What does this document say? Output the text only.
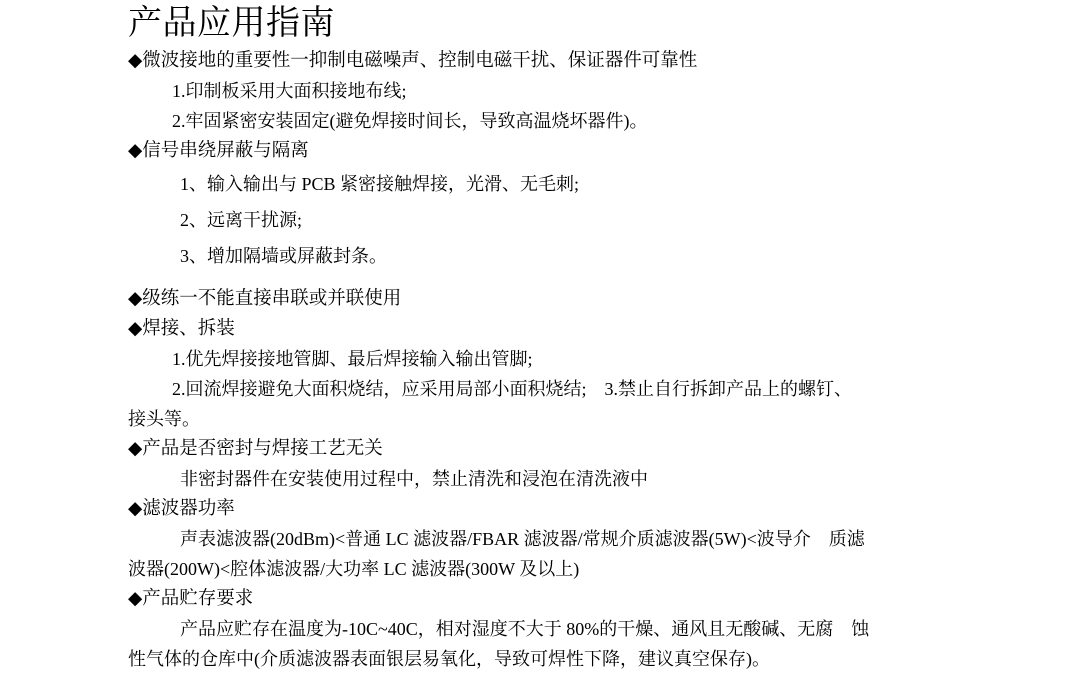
产品应用指南

◆微波接地的重要性一抑制电磁噪声、控制电磁干扰、保证器件可靠性

1.印制板采用大面积接地布线;

2.牢固紧密安装固定(避免焊接时间长，导致高温烧坏器件)。

◆信号串绕屏蔽与隔离

1、输入输出与 PCB 紧密接触焊接，光滑、无毛刺;

2、远离干扰源;

3、增加隔墙或屏蔽封条。

◆级练一不能直接串联或并联使用

◆焊接、拆装

1.优先焊接接地管脚、最后焊接输入输出管脚;

2.回流焊接避免大面积烧结，应采用局部小面积烧结;　3.禁止自行拆卸产品上的螺钉、

接头等。

◆产品是否密封与焊接工艺无关

非密封器件在安装使用过程中，禁止清洗和浸泡在清洗液中

◆滤波器功率

声表滤波器(20dBm)<普通 LC 滤波器/FBAR 滤波器/常规介质滤波器(5W)<波导介　质滤

波器(200W)<腔体滤波器/大功率 LC 滤波器(300W 及以上)

◆产品贮存要求

产品应贮存在温度为-10C~40C，相对湿度不大于 80%的干燥、通风且无酸碱、无腐　蚀

性气体的仓库中(介质滤波器表面银层易氧化，导致可焊性下降，建议真空保存)。
